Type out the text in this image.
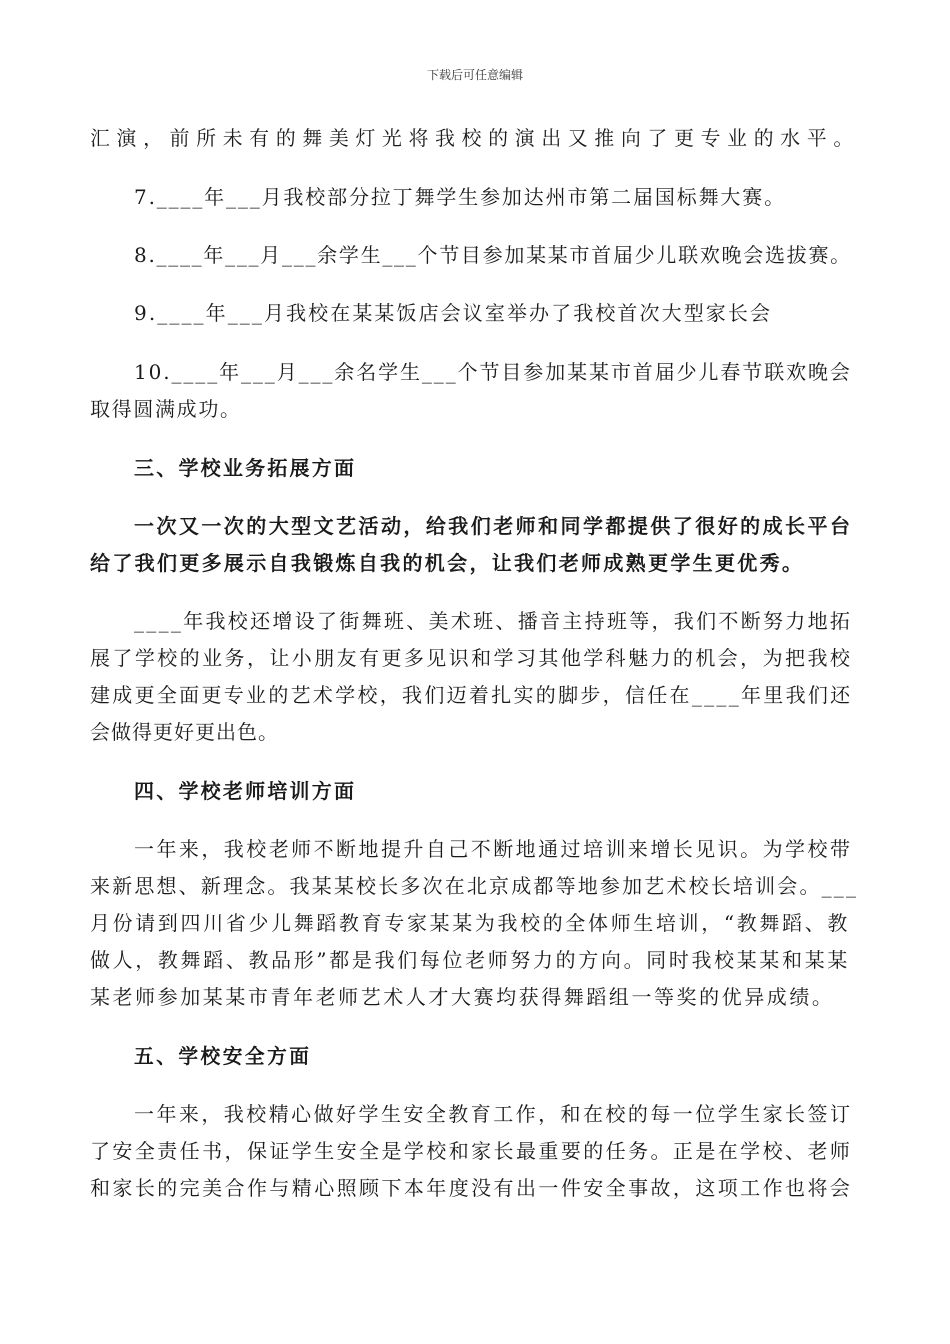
下载后可任意编辑
汇演，前所未有的舞美灯光将我校的演出又推向了更专业的水平。
7.____年___月我校部分拉丁舞学生参加达州市第二届国标舞大赛。
8.____年___月___余学生___个节目参加某某市首届少儿联欢晚会选拔赛。
9.____年___月我校在某某饭店会议室举办了我校首次大型家长会
10.____年___月___余名学生___个节目参加某某市首届少儿春节联欢晚会
取得圆满成功。
三、学校业务拓展方面
一次又一次的大型文艺活动，给我们老师和同学都提供了很好的成长平台
给了我们更多展示自我锻炼自我的机会，让我们老师成熟更学生更优秀。
____年我校还增设了街舞班、美术班、播音主持班等，我们不断努力地拓
展了学校的业务，让小朋友有更多见识和学习其他学科魅力的机会，为把我校
建成更全面更专业的艺术学校，我们迈着扎实的脚步，信任在____年里我们还
会做得更好更出色。
四、学校老师培训方面
一年来，我校老师不断地提升自己不断地通过培训来增长见识。为学校带
来新思想、新理念。我某某校长多次在北京成都等地参加艺术校长培训会。___
月份请到四川省少儿舞蹈教育专家某某为我校的全体师生培训，“教舞蹈、教
做人，教舞蹈、教品形”都是我们每位老师努力的方向。同时我校某某和某某
某老师参加某某市青年老师艺术人才大赛均获得舞蹈组一等奖的优异成绩。
五、学校安全方面
一年来，我校精心做好学生安全教育工作，和在校的每一位学生家长签订
了安全责任书，保证学生安全是学校和家长最重要的任务。正是在学校、老师
和家长的完美合作与精心照顾下本年度没有出一件安全事故，这项工作也将会
